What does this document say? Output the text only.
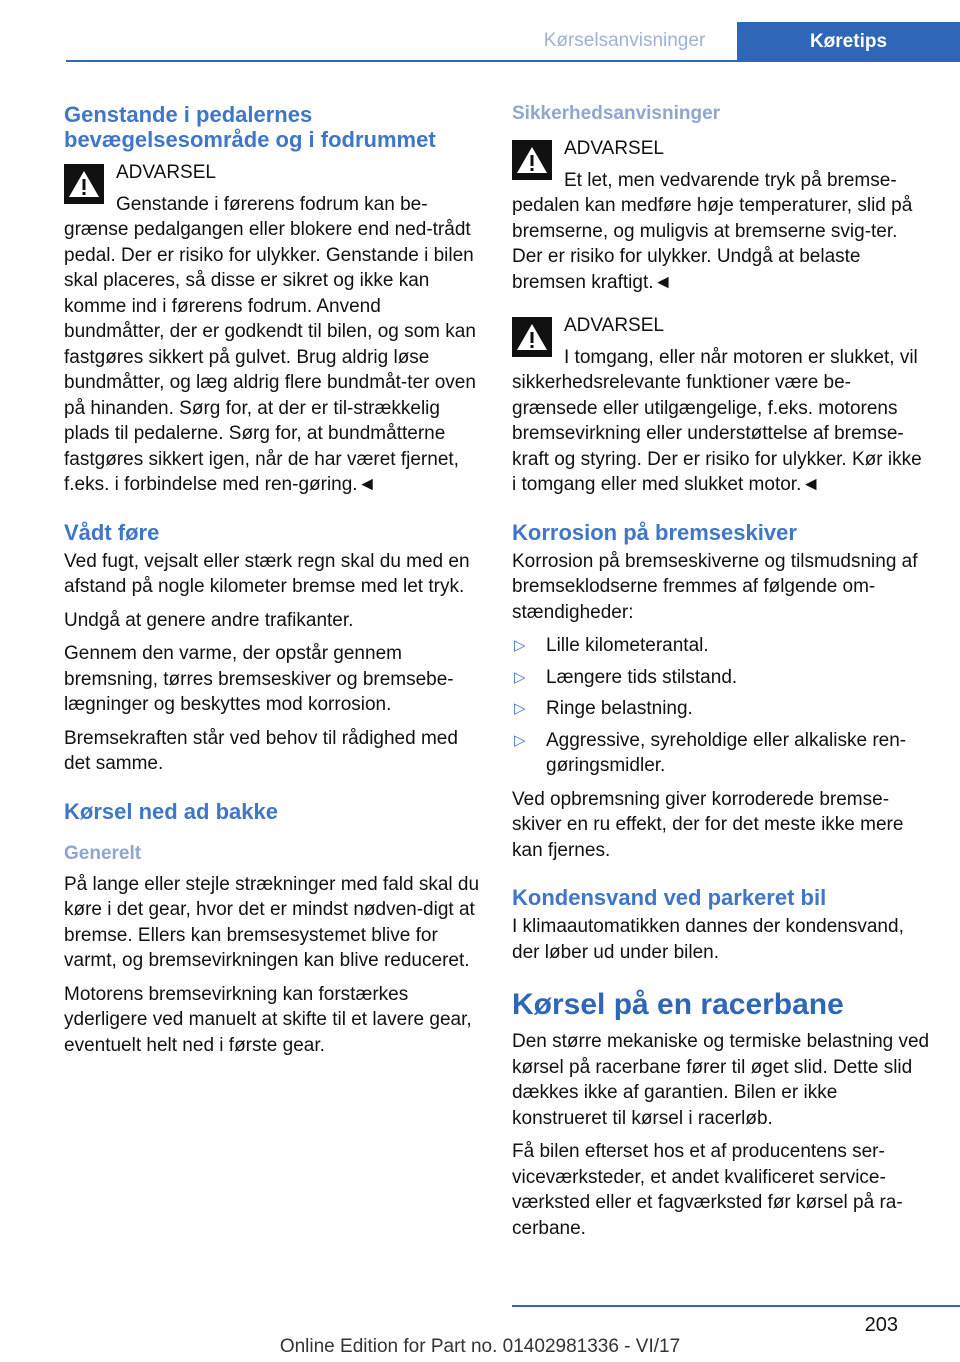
Kørselsanvisninger	Køretips
Genstande i pedalernes bevægelsesområde og i fodrummet
ADVARSEL

Genstande i førerens fodrum kan be-grænse pedalgangen eller blokere end ned-trådt pedal. Der er risiko for ulykker. Genstande i bilen skal placeres, så disse er sikret og ikke kan komme ind i førerens fodrum. Anvend bundmåtter, der er godkendt til bilen, og som kan fastgøres sikkert på gulvet. Brug aldrig løse bundmåtter, og læg aldrig flere bundmåt-ter oven på hinanden. Sørg for, at der er til-strækkelig plads til pedalerne. Sørg for, at bundmåtterne fastgøres sikkert igen, når de har været fjernet, f.eks. i forbindelse med ren-gøring.◄

Vådt føre

Ved fugt, vejsalt eller stærk regn skal du med en afstand på nogle kilometer bremse med let tryk.

Undgå at genere andre trafikanter.

Gennem den varme, der opstår gennem bremsning, tørres bremseskiver og bremsebe-lægninger og beskyttes mod korrosion.

Bremsekraften står ved behov til rådighed med det samme.

Kørsel ned ad bakke
Generelt

På lange eller stejle strækninger med fald skal du køre i det gear, hvor det er mindst nødven-digt at bremse. Ellers kan bremsesystemet blive for varmt, og bremsevirkningen kan blive reduceret.

Motorens bremsevirkning kan forstærkes yderligere ved manuelt at skifte til et lavere gear, eventuelt helt ned i første gear.

Sikkerhedsanvisninger
ADVARSEL

Et let, men vedvarende tryk på bremse-pedalen kan medføre høje temperaturer, slid på bremserne, og muligvis at bremserne svig-ter. Der er risiko for ulykker. Undgå at belaste bremsen kraftigt.◄

ADVARSEL

I tomgang, eller når motoren er slukket, vil sikkerhedsrelevante funktioner være be-grænsede eller utilgængelige, f.eks. motorens bremsevirkning eller understøttelse af bremse-kraft og styring. Der er risiko for ulykker. Kør ikke i tomgang eller med slukket motor.◄

Korrosion på bremseskiver

Korrosion på bremseskiverne og tilsmudsning af bremseklodserne fremmes af følgende om-stændigheder:

▷ Lille kilometerantal.
▷ Længere tids stilstand.
▷ Ringe belastning.
▷ Aggressive, syreholdige eller alkaliske ren-gøringsmidler.

Ved opbremsning giver korroderede bremse-skiver en ru effekt, der for det meste ikke mere kan fjernes.

Kondensvand ved parkeret bil

I klimaautomatikken dannes der kondensvand, der løber ud under bilen.

Kørsel på en racerbane

Den større mekaniske og termiske belastning ved kørsel på racerbane fører til øget slid. Dette slid dækkes ikke af garantien. Bilen er ikke konstrueret til kørsel i racerløb.

Få bilen efterset hos et af producentens ser-viceværksteder, et andet kvalificeret service-værksted eller et fagværksted før kørsel på ra-cerbane.

203
Online Edition for Part no. 01402981336 - VI/17
